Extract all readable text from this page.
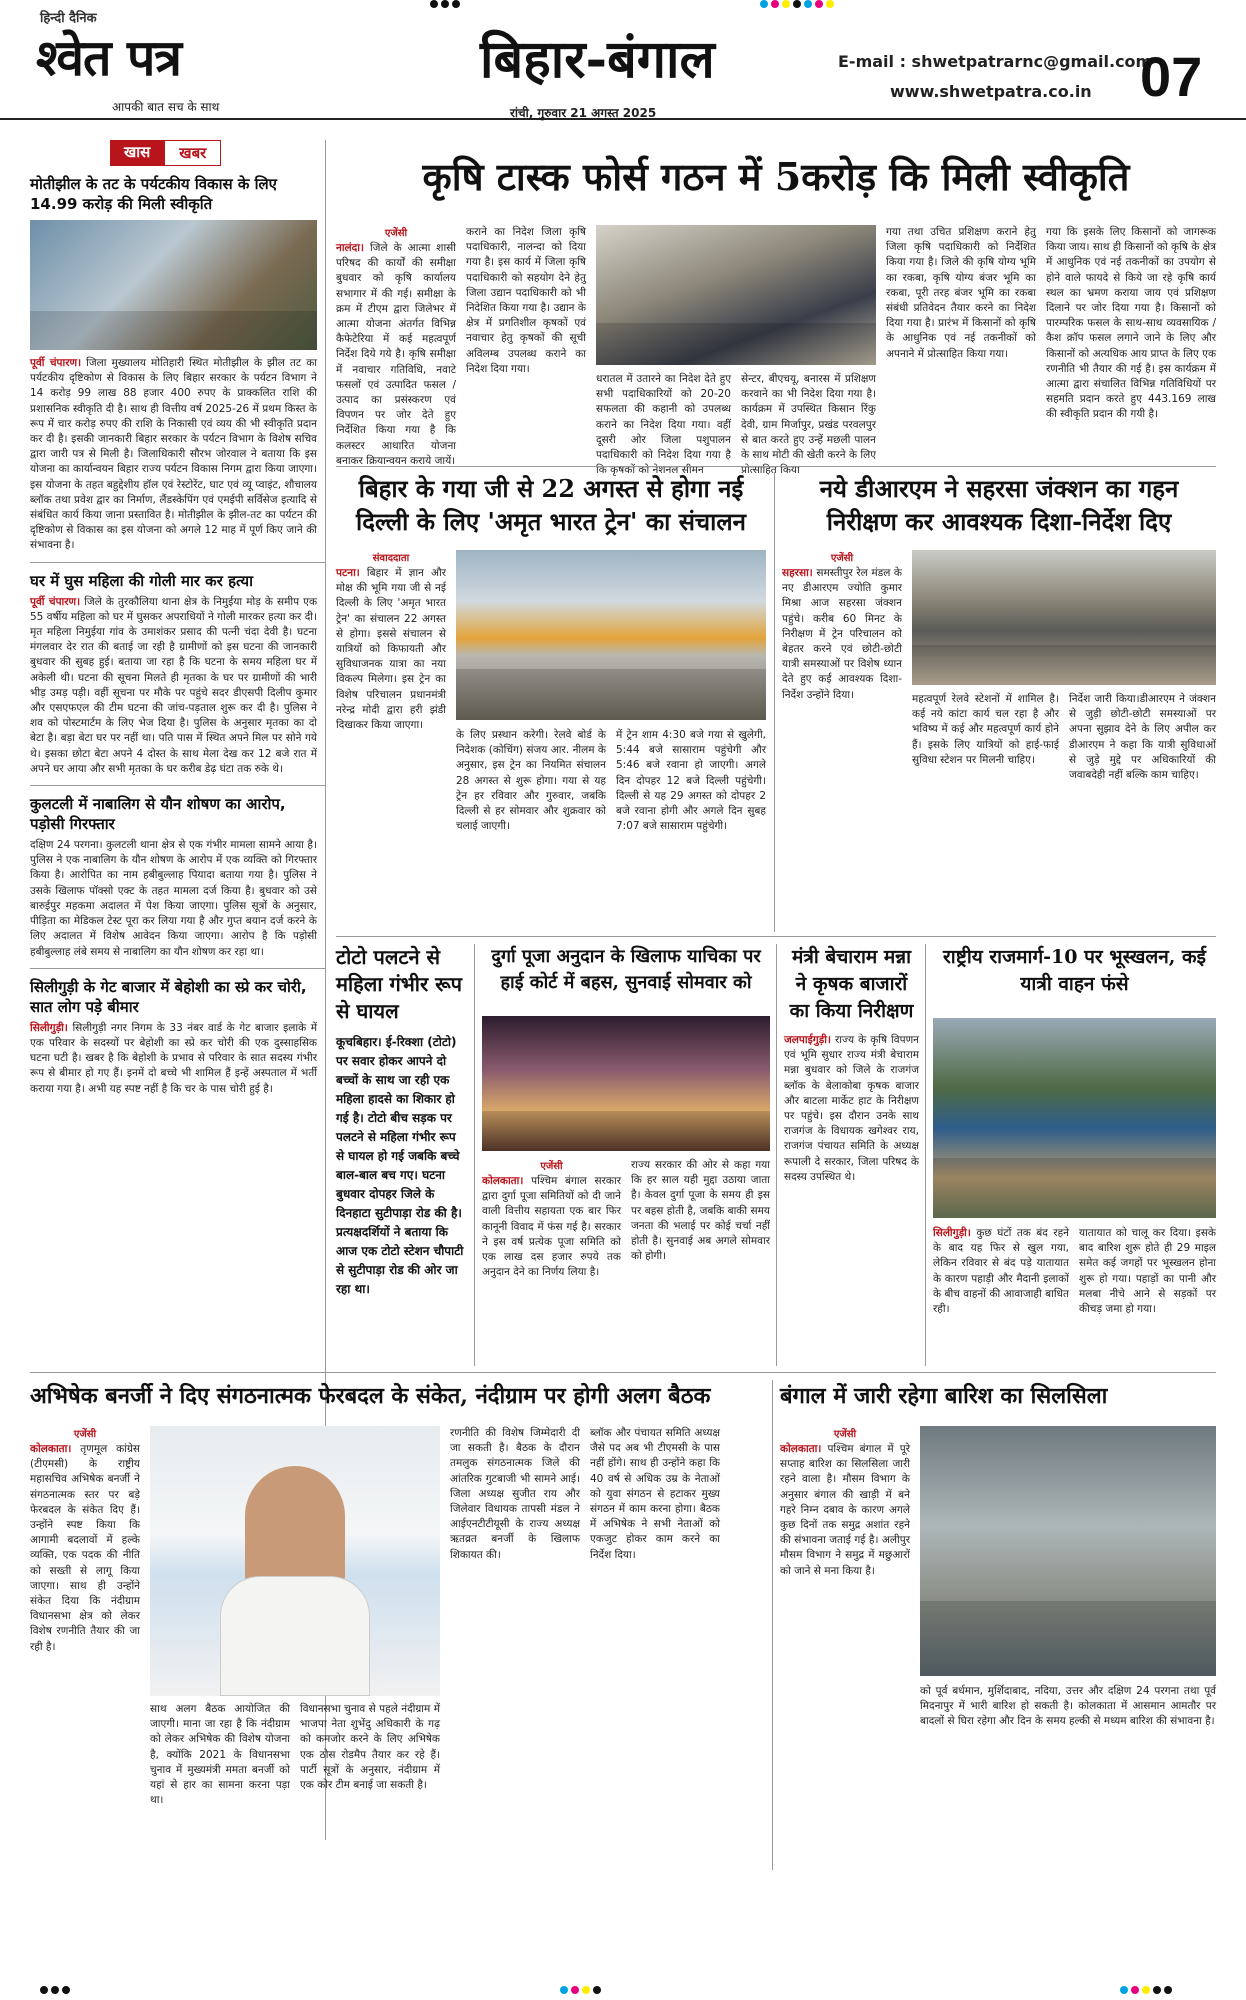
हिन्दी दैनिक
श्वेत पत्र
आपकी बात सच के साथ
बिहार-बंगाल
रांची, गुरुवार 21 अगस्त 2025
E-mail : shwetpatrarnc@gmail.com
www.shwetpatra.co.in 07
खास	खबर
मोतीझील के तट के पर्यटकीय विकास के लिए 14.99 करोड़ की मिली स्वीकृति
पूर्वी चंपारण। जिला मुख्यालय मोतिहारी स्थित मोतीझील के झील तट का पर्यटकीय दृष्टिकोण से विकास के लिए बिहार सरकार के पर्यटन विभाग ने 14 करोड़ 99 लाख 88 हजार 400 रुपए के प्राक्कलित राशि की प्रशासनिक स्वीकृति दी है। साथ ही वित्तीय वर्ष 2025-26 में प्रथम किस्त के रूप में चार करोड़ रुपए की राशि के निकासी एवं व्यय की भी स्वीकृति प्रदान कर दी है। इसकी जानकारी बिहार सरकार के पर्यटन विभाग के विशेष सचिव द्वारा जारी पत्र से मिली है। जिलाधिकारी सौरभ जोरवाल ने बताया कि इस योजना का कार्यान्वयन बिहार राज्य पर्यटन विकास निगम द्वारा किया जाएगा। इस योजना के तहत बहुद्देशीय हॉल एवं रेस्टोरेंट, घाट एवं व्यू प्वाइंट, शौचालय ब्लॉक तथा प्रवेश द्वार का निर्माण, लैंडस्केपिंग एवं एमईपी सर्विसेज इत्यादि से संबंधित कार्य किया जाना प्रस्तावित है। मोतीझील के झील-तट का पर्यटन की दृष्टिकोण से विकास का इस योजना को अगले 12 माह में पूर्ण किए जाने की संभावना है।
घर में घुस महिला की गोली मार कर हत्या
पूर्वी चंपारण। जिले के तुरकौलिया थाना क्षेत्र के निमुईया मोड़ के समीप एक 55 वर्षीय महिला को घर में घुसकर अपराधियों ने गोली मारकर हत्या कर दी। मृत महिला निमुईया गांव के उमाशंकर प्रसाद की पत्नी चंदा देवी है। घटना मंगलवार देर रात की बताई जा रही है ग्रामीणों को इस घटना की जानकारी बुधवार की सुबह हुई। बताया जा रहा है कि घटना के समय महिला घर में अकेली थी। घटना की सूचना मिलते ही मृतका के घर पर ग्रामीणों की भारी भीड़ उमड़ पड़ी। वहीं सूचना पर मौके पर पहुंचे सदर डीएसपी दिलीप कुमार और एसएफएल की टीम घटना की जांच-पड़ताल शुरू कर दी है। पुलिस ने शव को पोस्टमार्टम के लिए भेज दिया है। पुलिस के अनुसार मृतका का दो बेटा है। बड़ा बेटा घर पर नहीं था। पति पास में स्थित अपने मिल पर सोने गये थे। इसका छोटा बेटा अपने 4 दोस्त के साथ मेला देख कर 12 बजे रात में अपने घर आया और सभी मृतका के घर करीब डेढ़ घंटा तक रुके थे।
कुलटली में नाबालिग से यौन शोषण का आरोप, पड़ोसी गिरफ्तार
दक्षिण 24 परगना। कुलटली थाना क्षेत्र से एक गंभीर मामला सामने आया है। पुलिस ने एक नाबालिग के यौन शोषण के आरोप में एक व्यक्ति को गिरफ्तार किया है। आरोपित का नाम हबीबुल्लाह पियादा बताया गया है। पुलिस ने उसके खिलाफ पॉक्सो एक्ट के तहत मामला दर्ज किया है। बुधवार को उसे बारुईपुर महकमा अदालत में पेश किया जाएगा। पुलिस सूत्रों के अनुसार, पीड़िता का मेडिकल टेस्ट पूरा कर लिया गया है और गुप्त बयान दर्ज करने के लिए अदालत में विशेष आवेदन किया जाएगा। आरोप है कि पड़ोसी हबीबुल्लाह लंबे समय से नाबालिग का यौन शोषण कर रहा था।
सिलीगुड़ी के गेट बाजार में बेहोशी का स्प्रे कर चोरी, सात लोग पड़े बीमार
सिलीगुड़ी। सिलीगुड़ी नगर निगम के 33 नंबर वार्ड के गेट बाजार इलाके में एक परिवार के सदस्यों पर बेहोशी का स्प्रे कर चोरी की एक दुस्साहसिक घटना घटी है। खबर है कि बेहोशी के प्रभाव से परिवार के सात सदस्य गंभीर रूप से बीमार हो गए हैं। इनमें दो बच्चे भी शामिल हैं इन्हें अस्पताल में भर्ती कराया गया है। अभी यह स्पष्ट नहीं है कि चर के पास चोरी हुई है।
कृषि टास्क फोर्स गठन में 5करोड़ कि मिली स्वीकृति
एजेंसी
नालंदा। जिले के आत्मा शासी परिषद की कार्यों की समीक्षा बुधवार को कृषि कार्यालय सभागार में की गई। समीक्षा के क्रम में टीएम द्वारा जिलेभर में आत्मा योजना अंतर्गत विभिन्न कैफेटेरिया में कई महत्वपूर्ण निर्देश दिये गये है। कृषि समीक्षा में नवाचार गतिविधि, नवाटे फसलों एवं उत्पादित फसल / उत्पाद का प्रसंस्करण एवं विपणन पर जोर देते हुए निर्देशित किया गया है कि कलस्टर आधारित योजना बनाकर क्रियान्वयन कराये जायें।
कराने का निदेश जिला कृषि पदाधिकारी, नालन्दा को दिया गया है। इस कार्य में जिला कृषि पदाधिकारी को सहयोग देने हेतु जिला उद्यान पदाधिकारी को भी निदेशित किया गया है। उद्यान के क्षेत्र में प्रगतिशील कृषकों एवं नवाचार हेतु कृषकों की सूची अविलम्ब उपलब्ध कराने का निदेश दिया गया।
धरातल में उतारने का निदेश देते हुए सभी पदाधिकारियों को 20-20 सफलता की कहानी को उपलब्ध कराने का निदेश दिया गया। वहीं दूसरी ओर जिला पशुपालन पदाधिकारी को निदेश दिया गया है कि कृषकों को नेशनल सीमन
सेन्टर, बीएचयू, बनारस में प्रशिक्षण करवाने का भी निदेश दिया गया है। कार्यक्रम में उपस्थित किसान रिंकु देवी, ग्राम मिर्जापुर, प्रखंड परवलपुर से बात करते हुए उन्हें मछली पालन के साथ मोटी की खेती करने के लिए प्रोत्साहित किया
गया तथा उचित प्रशिक्षण कराने हेतु जिला कृषि पदाधिकारी को निर्देशित किया गया है। जिले की कृषि योग्य भूमि का रकबा, कृषि योग्य बंजर भूमि का रकबा, पूरी तरह बंजर भूमि का रकबा संबंधी प्रतिवेदन तैयार करने का निदेश दिया गया है। प्रारंभ में किसानों को कृषि के आधुनिक एवं नई तकनीकों को अपनाने में प्रोत्साहित किया गया।
गया कि इसके लिए किसानों को जागरूक किया जाय। साथ ही किसानों को कृषि के क्षेत्र में आधुनिक एवं नई तकनीकों का उपयोग से होने वाले फायदे से किये जा रहे कृषि कार्य स्थल का भ्रमण कराया जाय एवं प्रशिक्षण दिलाने पर जोर दिया गया है। किसानों को पारम्परिक फसल के साथ-साथ व्यवसायिक / कैश क्रॉप फसल लगाने जाने के लिए और किसानों को अत्यधिक आय प्राप्त के लिए एक रणनीति भी तैयार की गई है। इस कार्यक्रम में आत्मा द्वारा संचालित विभिन्न गतिविधियों पर सहमति प्रदान करते हुए 443.169 लाख की स्वीकृति प्रदान की गयी है।
बिहार के गया जी से 22 अगस्त से होगा नई दिल्ली के लिए 'अमृत भारत ट्रेन' का संचालन
संवाददाता
पटना। बिहार में ज्ञान और मोक्ष की भूमि गया जी से नई दिल्ली के लिए 'अमृत भारत ट्रेन' का संचालन 22 अगस्त से होगा। इससे संचालन से यात्रियों को किफायती और सुविधाजनक यात्रा का नया विकल्प मिलेगा। इस ट्रेन का विशेष परिचालन प्रधानमंत्री नरेन्द्र मोदी द्वारा हरी झंडी दिखाकर किया जाएगा।
के लिए प्रस्थान करेगी। रेलवे बोर्ड के निदेशक (कोचिंग) संजय आर. नीलम के अनुसार, इस ट्रेन का नियमित संचालन 28 अगस्त से शुरू होगा। गया से यह ट्रेन हर रविवार और गुरुवार, जबकि दिल्ली से हर सोमवार और शुक्रवार को चलाई जाएगी।
में ट्रेन शाम 4:30 बजे गया से खुलेगी, 5:44 बजे सासाराम पहुंचेगी और 5:46 बजे रवाना हो जाएगी। अगले दिन दोपहर 12 बजे दिल्ली पहुंचेगी। दिल्ली से यह 29 अगस्त को दोपहर 2 बजे रवाना होगी और अगले दिन सुबह 7:07 बजे सासाराम पहुंचेगी।
नये डीआरएम ने सहरसा जंक्शन का गहन निरीक्षण कर आवश्यक दिशा-निर्देश दिए
एजेंसी
सहरसा। समस्तीपुर रेल मंडल के नए डीआरएम ज्योति कुमार मिश्रा आज सहरसा जंक्शन पहुंचे। करीब 60 मिनट के निरीक्षण में ट्रेन परिचालन को बेहतर करने एवं छोटी-छोटी यात्री समस्याओं पर विशेष ध्यान देते हुए कई आवश्यक दिशा-निर्देश उन्होंने दिया।	महत्वपूर्ण रेलवे स्टेशनों में शामिल है। कई नये कांटा कार्य चल रहा है और भविष्य में कई और महत्वपूर्ण कार्य होने हैं। इसके लिए यात्रियों को हाई-फाई सुविधा स्टेशन पर मिलनी चाहिए।
निर्देश जारी किया।डीआरएम ने जंक्शन से जुड़ी छोटी-छोटी समस्याओं पर अपना सुझाव देने के लिए अपील कर डीआरएम ने कहा कि यात्री सुविधाओं से जुड़े मुद्दे पर अधिकारियों की जवाबदेही नहीं बल्कि काम चाहिए।
टोटो पलटने से महिला गंभीर रूप से घायल
कूचबिहार। ई-रिक्शा (टोटो) पर सवार होकर आपने दो बच्चों के साथ जा रही एक महिला हादसे का शिकार हो गई है। टोटो बीच सड़क पर पलटने से महिला गंभीर रूप से घायल हो गई जबकि बच्चे बाल-बाल बच गए। घटना बुधवार दोपहर जिले के दिनहाटा सुटीपाड़ा रोड की है। प्रत्यक्षदर्शियों ने बताया कि आज एक टोटो स्टेशन चौपाटी से सुटीपाड़ा रोड की ओर जा रहा था।
दुर्गा पूजा अनुदान के खिलाफ याचिका पर हाई कोर्ट में बहस, सुनवाई सोमवार को
एजेंसी
कोलकाता। पश्चिम बंगाल सरकार द्वारा दुर्गा पूजा समितियों को दी जाने वाली वित्तीय सहायता एक बार फिर कानूनी विवाद में फंस गई है। सरकार ने इस वर्ष प्रत्येक पूजा समिति को एक लाख दस हजार रुपये तक अनुदान देने का निर्णय लिया है।
राज्य सरकार की ओर से कहा गया कि हर साल यही मुद्दा उठाया जाता है। केवल दुर्गा पूजा के समय ही इस पर बहस होती है, जबकि बाकी समय जनता की भलाई पर कोई चर्चा नहीं होती है। सुनवाई अब अगले सोमवार को होगी।
मंत्री बेचाराम मन्ना ने कृषक बाजारों का किया निरीक्षण
जलपाईगुड़ी। राज्य के कृषि विपणन एवं भूमि सुधार राज्य मंत्री बेचाराम मन्ना बुधवार को जिले के राजगंज ब्लॉक के बेलाकोबा कृषक बाजार और बाटला मार्केट हाट के निरीक्षण पर पहुंचे। इस दौरान उनके साथ राजगंज के विधायक खगेश्वर राय, राजगंज पंचायत समिति के अध्यक्ष रूपाली दे सरकार, जिला परिषद के सदस्य उपस्थित थे।
राष्ट्रीय राजमार्ग-10 पर भूस्खलन, कई यात्री वाहन फंसे
सिलीगुड़ी। कुछ घंटों तक बंद रहने के बाद यह फिर से खुल गया, लेकिन रविवार से बंद पड़े यातायात के कारण पहाड़ी और मैदानी इलाकों के बीच वाहनों की आवाजाही बाधित रही।
यातायात को चालू कर दिया। इसके बाद बारिश शुरू होते ही 29 माइल समेत कई जगहों पर भूस्खलन होना शुरू हो गया। पहाड़ों का पानी और मलबा नीचे आने से सड़कों पर कीचड़ जमा हो गया।
अभिषेक बनर्जी ने दिए संगठनात्मक फेरबदल के संकेत, नंदीग्राम पर होगी अलग बैठक
एजेंसी
कोलकाता। तृणमूल कांग्रेस (टीएमसी) के राष्ट्रीय महासचिव अभिषेक बनर्जी ने संगठनात्मक स्तर पर बड़े फेरबदल के संकेत दिए हैं। उन्होंने स्पष्ट किया कि आगामी बदलावों में हल्के व्यक्ति, एक पदक की नीति को सख्ती से लागू किया जाएगा। साथ ही उन्होंने संकेत दिया कि नंदीग्राम विधानसभा क्षेत्र को लेकर विशेष रणनीति तैयार की जा रही है।
साथ अलग बैठक आयोजित की जाएगी। माना जा रहा है कि नंदीग्राम को लेकर अभिषेक की विशेष योजना है, क्योंकि 2021 के विधानसभा चुनाव में मुख्यमंत्री ममता बनर्जी को यहां से हार का सामना करना पड़ा था।
विधानसभा चुनाव से पहले नंदीग्राम में भाजपा नेता शुभेंदु अधिकारी के गढ़ को कमजोर करने के लिए अभिषेक एक ठोस रोडमैप तैयार कर रहे हैं। पार्टी सूत्रों के अनुसार, नंदीग्राम में एक कोर टीम बनाई जा सकती है।
रणनीति की विशेष जिम्मेदारी दी जा सकती है। बैठक के दौरान तमलुक संगठनात्मक जिले की आंतरिक गुटबाजी भी सामने आई। जिला अध्यक्ष सुजीत राय और जिलेवार विधायक तापसी मंडल ने आईएनटीटीयूसी के राज्य अध्यक्ष ऋतव्रत बनर्जी के खिलाफ शिकायत की।
ब्लॉक और पंचायत समिति अध्यक्ष जैसे पद अब भी टीएमसी के पास नहीं होंगे। साथ ही उन्होंने कहा कि 40 वर्ष से अधिक उम्र के नेताओं को युवा संगठन से हटाकर मुख्य संगठन में काम करना होगा। बैठक में अभिषेक ने सभी नेताओं को एकजुट होकर काम करने का निर्देश दिया।
बंगाल में जारी रहेगा बारिश का सिलसिला
एजेंसी
कोलकाता। पश्चिम बंगाल में पूरे सप्ताह बारिश का सिलसिला जारी रहने वाला है। मौसम विभाग के अनुसार बंगाल की खाड़ी में बने गहरे निम्न दबाव के कारण अगले कुछ दिनों तक समुद्र अशांत रहने की संभावना जताई गई है। अलीपुर मौसम विभाग ने समुद्र में मछुआरों को जाने से मना किया है।
को पूर्व बर्धमान, मुर्शिदाबाद, नदिया, उत्तर और दक्षिण 24 परगना तथा पूर्व मिदनापुर में भारी बारिश हो सकती है। कोलकाता में आसमान आमतौर पर बादलों से घिरा रहेगा और दिन के समय हल्की से मध्यम बारिश की संभावना है।
